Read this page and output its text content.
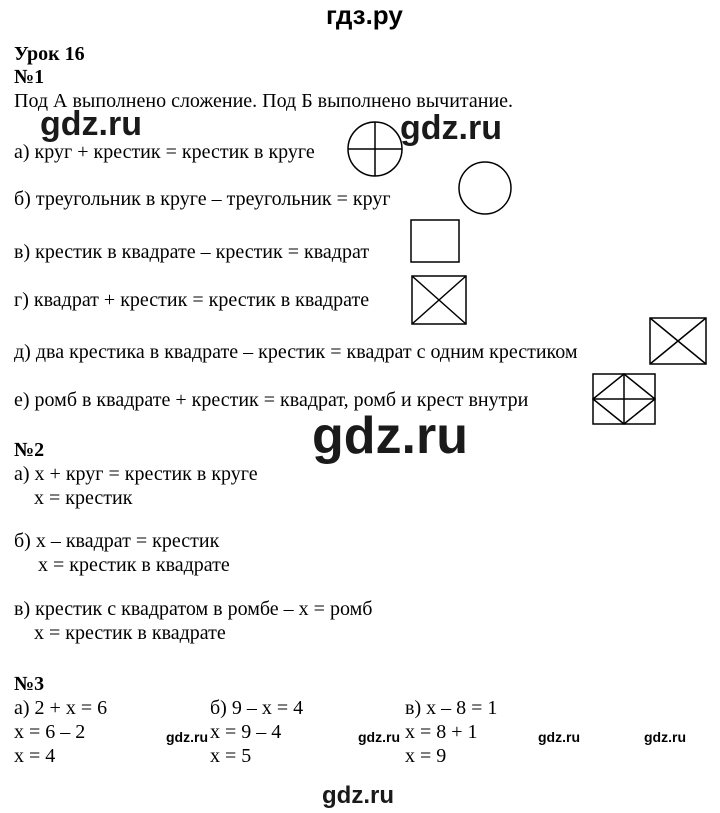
гдз.ру
Урок 16
№1
Под А выполнено сложение. Под Б выполнено вычитание.
gdz.ru	gdz.ru
а) круг + крестик = крестик в круге
б) треугольник в круге – треугольник = круг
в) крестик в квадрате – крестик = квадрат
г) квадрат + крестик = крестик в квадрате
д) два крестика в квадрате – крестик = квадрат с одним крестиком
е) ромб в квадрате + крестик = квадрат, ромб и крест внутри
gdz.ru
№2
а) х + круг = крестик в круге
х = крестик
б) х – квадрат = крестик
х = крестик в квадрате
в) крестик с квадратом в ромбе – х = ромб
х = крестик в квадрате
№3
а) 2 + х = 6
х = 6 – 2
х = 4
б) 9 – х = 4
х = 9 – 4
х = 5
в) х – 8 = 1
х = 8 + 1
х = 9
gdz.ru	gdz.ru	gdz.ru	gdz.ru
gdz.ru
